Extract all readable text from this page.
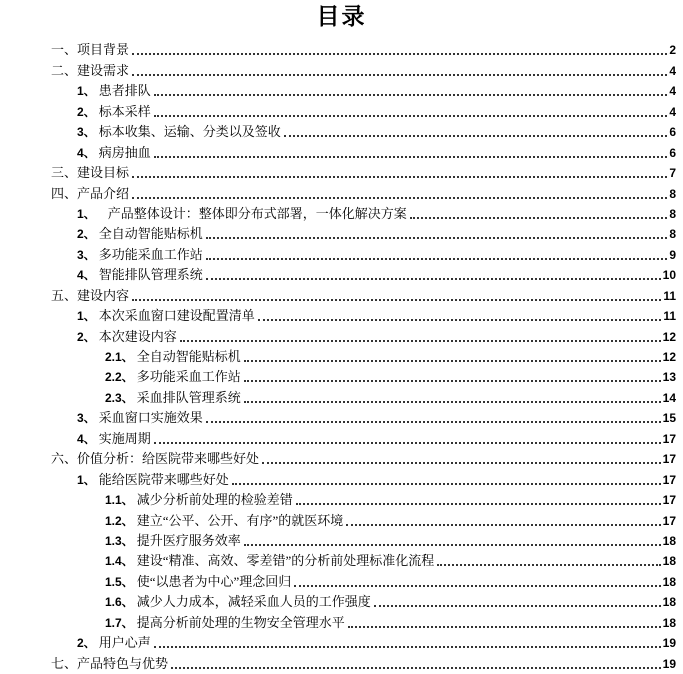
目录
一、 项目背景	2
二、 建设需求	4
1、 患者排队	4
2、 标本采样	4
3、 标本收集、运输、分类以及签收	6
4、 病房抽血	6
三、 建设目标	7
四、 产品介绍	8
1、 产品整体设计：整体即分布式部署，一体化解决方案	8
2、 全自动智能贴标机	8
3、 多功能采血工作站	9
4、 智能排队管理系统	10
五、 建设内容	11
1、 本次采血窗口建设配置清单	11
2、 本次建设内容	12
2.1、 全自动智能贴标机	12
2.2、 多功能采血工作站	13
2.3、 采血排队管理系统	14
3、 采血窗口实施效果	15
4、 实施周期	17
六、 价值分析：给医院带来哪些好处	17
1、 能给医院带来哪些好处	17
1.1、 减少分析前处理的检验差错	17
1.2、 建立“公平、公开、有序”的就医环境	17
1.3、 提升医疗服务效率	18
1.4、 建设“精准、高效、零差错”的分析前处理标准化流程	18
1.5、 使“以患者为中心”理念回归	18
1.6、 减少人力成本，减轻采血人员的工作强度	18
1.7、 提高分析前处理的生物安全管理水平	18
2、 用户心声	19
七、 产品特色与优势	19
